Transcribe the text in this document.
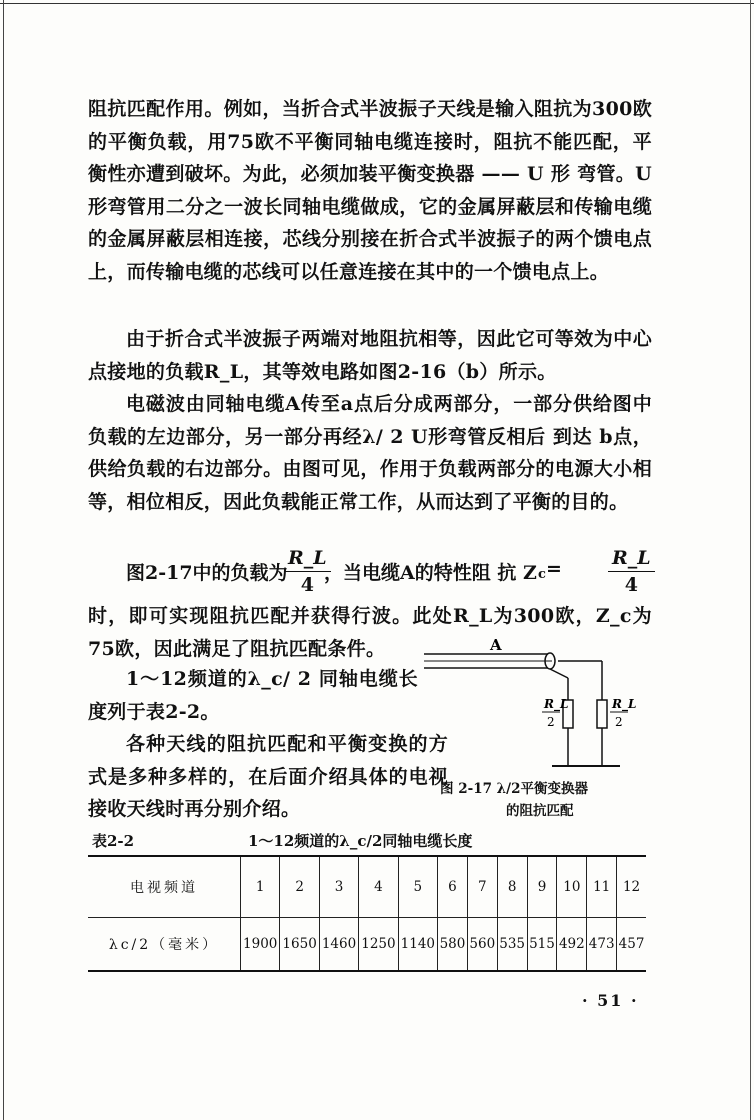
阻抗匹配作用。例如，当折合式半波振子天线是输入阻抗为300欧的平衡负载，用75欧不平衡同轴电缆连接时，阻抗不能匹配，平衡性亦遭到破坏。为此，必须加装平衡变换器 —— U 形 弯管。U形弯管用二分之一波长同轴电缆做成，它的金属屏蔽层和传输电缆的金属屏蔽层相连接，芯线分别接在折合式半波振子的两个馈电点上，而传输电缆的芯线可以任意连接在其中的一个馈电点上。
由于折合式半波振子两端对地阻抗相等，因此它可等效为中心点接地的负载R_L，其等效电路如图2-16（b）所示。
电磁波由同轴电缆A传至a点后分成两部分，一部分供给图中负载的左边部分，另一部分再经λ/ 2 U形弯管反相后 到达 b点，供给负载的右边部分。由图可见，作用于负载两部分的电源大小相等，相位相反，因此负载能正常工作，从而达到了平衡的目的。
图2-17中的负载为
$\frac{R\_L}{4}$
，当电缆A的特性阻 抗 Z $c = \frac{R\_L}{4}$
时，即可实现阻抗匹配并获得行波。此处R_L为300欧，Z_c为75欧，因此满足了阻抗匹配条件。
1～12频道的λ_c/ 2 同轴电缆长度列于表2-2。
各种天线的阻抗匹配和平衡变换的方式是多种多样的，在后面介绍具体的电视接收天线时再分别介绍。
A
R_L
2
R_L
2
图 2-17 λ/2平衡变换器
的阻抗匹配
表2-2	1～12频道的λ_c/2同轴电缆长度
电视频道	1	2	3	4	5	6	7	8	9	10	11	12
λc/2（毫米）	1900	1650	1460	1250	1140	580	560	535	515	492	473	457
· 51 ·
